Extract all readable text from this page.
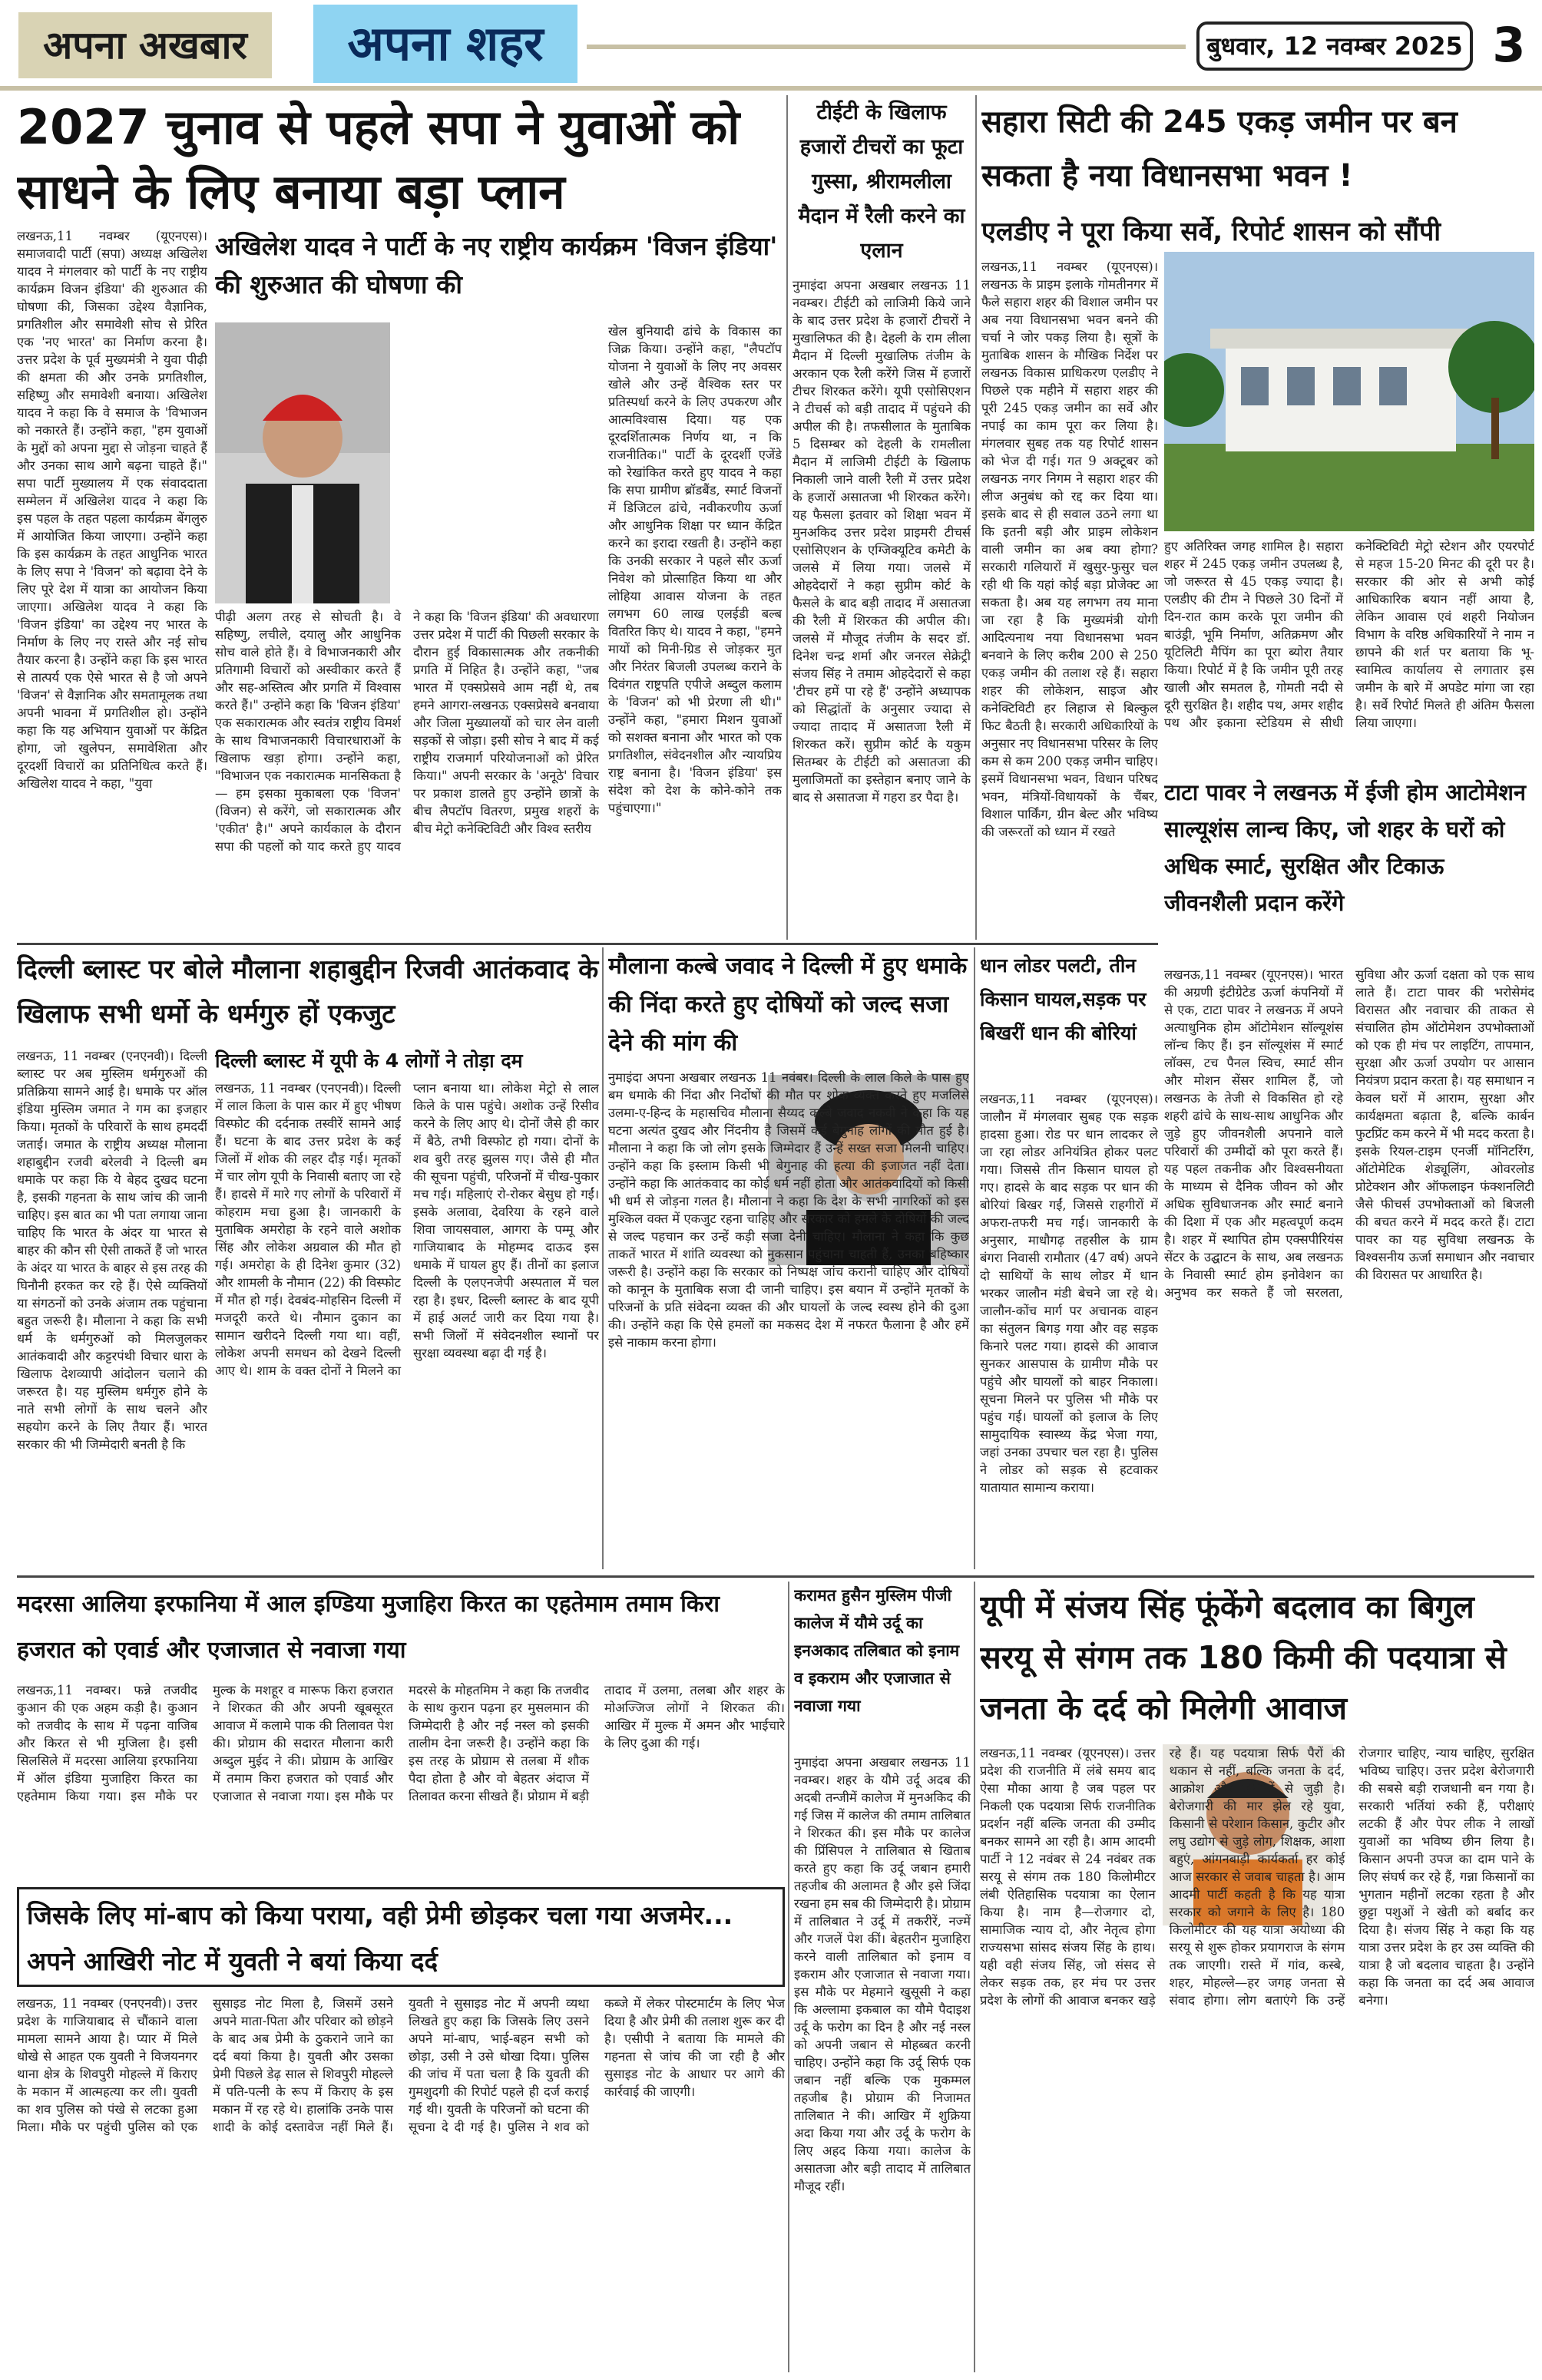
अपना अखबार	अपना शहर	बुधवार, 12 नवम्बर 2025 3
2027 चुनाव से पहले सपा ने युवाओं को साधने के लिए बनाया बड़ा प्लान
लखनऊ,11 नवम्बर (यूएनएस)। समाजवादी पार्टी (सपा) अध्यक्ष अखिलेश यादव ने मंगलवार को पार्टी के नए राष्ट्रीय कार्यक्रम विजन इंडिया' की शुरुआत की घोषणा की, जिसका उद्देश्य वैज्ञानिक, प्रगतिशील और समावेशी सोच से प्रेरित एक 'नए भारत' का निर्माण करना है। उत्तर प्रदेश के पूर्व मुख्यमंत्री ने युवा पीढ़ी की क्षमता की और उनके प्रगतिशील, सहिष्णु और समावेशी बनाया। अखिलेश यादव ने कहा कि वे समाज के 'विभाजन को नकारते हैं। उन्होंने कहा, "हम युवाओं के मुद्दों को अपना मुद्दा से जोड़ना चाहते हैं और उनका साथ आगे बढ़ना चाहते हैं।" सपा पार्टी मुख्यालय में एक संवाददाता सम्मेलन में अखिलेश यादव ने कहा कि इस पहल के तहत पहला कार्यक्रम बेंगलुरु में आयोजित किया जाएगा। उन्होंने कहा कि इस कार्यक्रम के तहत आधुनिक भारत के लिए सपा ने 'विजन' को बढ़ावा देने के लिए पूरे देश में यात्रा का आयोजन किया जाएगा। अखिलेश यादव ने कहा कि 'विजन इंडिया' का उद्देश्य नए भारत के निर्माण के लिए नए रास्ते और नई सोच तैयार करना है। उन्होंने कहा कि इस भारत से तात्पर्य एक ऐसे भारत से है जो अपने 'विजन' से वैज्ञानिक और समतामूलक तथा अपनी भावना में प्रगतिशील हो। उन्होंने कहा कि यह अभियान युवाओं पर केंद्रित होगा, जो खुलेपन, समावेशिता और दूरदर्शी विचारों का प्रतिनिधित्व करते हैं। अखिलेश यादव ने कहा, "युवा
अखिलेश यादव ने पार्टी के नए राष्ट्रीय कार्यक्रम 'विजन इंडिया' की शुरुआत की घोषणा की
पीढ़ी अलग तरह से सोचती है। वे सहिष्णु, लचीले, दयालु और आधुनिक सोच वाले होते हैं। वे विभाजनकारी और प्रतिगामी विचारों को अस्वीकार करते हैं और सह-अस्तित्व और प्रगति में विश्वास करते हैं।" उन्होंने कहा कि 'विजन इंडिया' एक सकारात्मक और स्वतंत्र राष्ट्रीय विमर्श के साथ विभाजनकारी विचारधाराओं के खिलाफ खड़ा होगा। उन्होंने कहा, "विभाजन एक नकारात्मक मानसिकता है — हम इसका मुकाबला एक 'विजन' (विजन) से करेंगे, जो सकारात्मक और 'एकीत' है।" अपने कार्यकाल के दौरान सपा की पहलों को याद करते हुए यादव ने कहा कि 'विजन इंडिया' की अवधारणा उत्तर प्रदेश में पार्टी की पिछली सरकार के दौरान हुई विकासात्मक और तकनीकी प्रगति में निहित है। उन्होंने कहा, "जब भारत में एक्सप्रेसवे आम नहीं थे, तब हमने आगरा-लखनऊ एक्सप्रेसवे बनवाया और जिला मुख्यालयों को चार लेन वाली सड़कों से जोड़ा। इसी सोच ने बाद में कई राष्ट्रीय राजमार्ग परियोजनाओं को प्रेरित किया।" अपनी सरकार के 'अनूठे' विचार पर प्रकाश डालते हुए उन्होंने छात्रों के बीच लैपटॉप वितरण, प्रमुख शहरों के बीच मेट्रो कनेक्टिविटी और विश्व स्तरीय
खेल बुनियादी ढांचे के विकास का जिक्र किया। उन्होंने कहा, "लैपटॉप योजना ने युवाओं के लिए नए अवसर खोले और उन्हें वैश्विक स्तर पर प्रतिस्पर्धा करने के लिए उपकरण और आत्मविश्वास दिया। यह एक दूरदर्शितात्मक निर्णय था, न कि राजनीतिक।" पार्टी के दूरदर्शी एजेंडे को रेखांकित करते हुए यादव ने कहा कि सपा ग्रामीण ब्रॉडबैंड, स्मार्ट विजनों में डिजिटल ढांचे, नवीकरणीय ऊर्जा और आधुनिक शिक्षा पर ध्यान केंद्रित करने का इरादा रखती है। उन्होंने कहा कि उनकी सरकार ने पहले सौर ऊर्जा निवेश को प्रोत्साहित किया था और लोहिया आवास योजना के तहत लगभग 60 लाख एलईडी बल्ब वितरित किए थे। यादव ने कहा, "हमने मायों को मिनी-ग्रिड से जोड़कर मुत और निरंतर बिजली उपलब्ध कराने के दिवंगत राष्ट्रपति एपीजे अब्दुल कलाम के 'विजन' को भी प्रेरणा ली थी।" उन्होंने कहा, "हमारा मिशन युवाओं को सशक्त बनाना और भारत को एक प्रगतिशील, संवेदनशील और न्यायप्रिय राष्ट्र बनाना है। 'विजन इंडिया' इस संदेश को देश के कोने-कोने तक पहुंचाएगा।"
टीईटी के खिलाफ हजारों टीचरों का फूटा गुस्सा, श्रीरामलीला मैदान में रैली करने का एलान
नुमाइंदा अपना अखबार लखनऊ 11 नवम्बर। टीईटी को लाजिमी किये जाने के बाद उत्तर प्रदेश के हजारों टीचरों ने मुखालिफत की है। देहली के राम लीला मैदान में दिल्ली मुखालिफ तंजीम के अरकान एक रैली करेंगे जिस में हजारों टीचर शिरकत करेंगे। यूपी एसोसिएशन ने टीचर्स को बड़ी तादाद में पहुंचने की अपील की है। तफसीलात के मुताबिक 5 दिसम्बर को देहली के रामलीला मैदान में लाजिमी टीईटी के खिलाफ निकाली जाने वाली रैली में उत्तर प्रदेश के हजारों असातजा भी शिरकत करेंगे। यह फैसला इतवार को शिक्षा भवन में मुनअकिद उत्तर प्रदेश प्राइमरी टीचर्स एसोसिएशन के एग्जिक्यूटिव कमेटी के जलसे में लिया गया। जलसे में ओहदेदारों ने कहा सुप्रीम कोर्ट के फैसले के बाद बड़ी तादाद में असातजा की रैली में शिरकत की अपील की। जलसे में मौजूद तंजीम के सदर डॉ. दिनेश चन्द्र शर्मा और जनरल सेक्रेट्री संजय सिंह ने तमाम ओहदेदारों से कहा 'टीचर हमें पा रहे हैं' उन्होंने अध्यापक को सिद्धांतों के अनुसार ज्यादा से ज्यादा तादाद में असातजा रैली में शिरकत करें। सुप्रीम कोर्ट के यकुम सितम्बर के टीईटी को असातजा की मुलाजिमतों का इस्तेहान बनाए जाने के बाद से असातजा में गहरा डर पैदा है।
सहारा सिटी की 245 एकड़ जमीन पर बन सकता है नया विधानसभा भवन !
एलडीए ने पूरा किया सर्वे, रिपोर्ट शासन को सौंपी
लखनऊ,11 नवम्बर (यूएनएस)। लखनऊ के प्राइम इलाके गोमतीनगर में फैले सहारा शहर की विशाल जमीन पर अब नया विधानसभा भवन बनने की चर्चा ने जोर पकड़ लिया है। सूत्रों के मुताबिक शासन के मौखिक निर्देश पर लखनऊ विकास प्राधिकरण एलडीए ने पिछले एक महीने में सहारा शहर की पूरी 245 एकड़ जमीन का सर्वे और नपाई का काम पूरा कर लिया है। मंगलवार सुबह तक यह रिपोर्ट शासन को भेज दी गई। गत 9 अक्टूबर को लखनऊ नगर निगम ने सहारा शहर की लीज अनुबंध को रद्द कर दिया था। इसके बाद से ही सवाल उठने लगा था कि इतनी बड़ी और प्राइम लोकेशन वाली जमीन का अब क्या होगा? सरकारी गलियारों में खुसुर-फुसुर चल रही थी कि यहां कोई बड़ा प्रोजेक्ट आ सकता है। अब यह लगभग तय माना जा रहा है कि मुख्यमंत्री योगी आदित्यनाथ नया विधानसभा भवन बनवाने के लिए करीब 200 से 250 एकड़ जमीन की तलाश रहे हैं। सहारा शहर की लोकेशन, साइज और कनेक्टिविटी हर लिहाज से बिल्कुल फिट बैठती है। सरकारी अधिकारियों के अनुसार नए विधानसभा परिसर के लिए कम से कम 200 एकड़ जमीन चाहिए। इसमें विधानसभा भवन, विधान परिषद भवन, मंत्रियों-विधायकों के चैंबर, विशाल पार्किंग, ग्रीन बेल्ट और भविष्य की जरूरतों को ध्यान में रखते
हुए अतिरिक्त जगह शामिल है। सहारा शहर में 245 एकड़ जमीन उपलब्ध है, जो जरूरत से 45 एकड़ ज्यादा है। एलडीए की टीम ने पिछले 30 दिनों में दिन-रात काम करके पूरा जमीन की बाउंड्री, भूमि निर्माण, अतिक्रमण और यूटिलिटी मैपिंग का पूरा ब्योरा तैयार किया। रिपोर्ट में है कि जमीन पूरी तरह खाली और समतल है, गोमती नदी से दूरी सुरक्षित है। शहीद पथ, अमर शहीद पथ और इकाना स्टेडियम से सीधी कनेक्टिविटी मेट्रो स्टेशन और एयरपोर्ट से महज 15-20 मिनट की दूरी पर है। सरकार की ओर से अभी कोई आधिकारिक बयान नहीं आया है, लेकिन आवास एवं शहरी नियोजन विभाग के वरिष्ठ अधिकारियों ने नाम न छापने की शर्त पर बताया कि भू-स्वामित्व कार्यालय से लगातार इस जमीन के बारे में अपडेट मांगा जा रहा है। सर्वे रिपोर्ट मिलते ही अंतिम फैसला लिया जाएगा।
टाटा पावर ने लखनऊ में ईजी होम आटोमेशन साल्यूशंस लान्च किए, जो शहर के घरों को अधिक स्मार्ट, सुरक्षित और टिकाऊ जीवनशैली प्रदान करेंगे
लखनऊ,11 नवम्बर (यूएनएस)। भारत की अग्रणी इंटीग्रेटेड ऊर्जा कंपनियों में से एक, टाटा पावर ने लखनऊ में अपने अत्याधुनिक होम ऑटोमेशन सॉल्यूशंस लॉन्च किए हैं। इन सॉल्यूशंस में स्मार्ट लॉक्स, टच पैनल स्विच, स्मार्ट सीन और मोशन सेंसर शामिल हैं, जो लखनऊ के तेजी से विकसित हो रहे शहरी ढांचे के साथ-साथ आधुनिक और जुड़े हुए जीवनशैली अपनाने वाले परिवारों की उम्मीदों को पूरा करते हैं। यह पहल तकनीक और विश्वसनीयता के माध्यम से दैनिक जीवन को और अधिक सुविधाजनक और स्मार्ट बनाने की दिशा में एक और महत्वपूर्ण कदम है। शहर में स्थापित होम एक्सपीरियंस सेंटर के उद्घाटन के साथ, अब लखनऊ के निवासी स्मार्ट होम इनोवेशन का अनुभव कर सकते हैं जो सरलता, सुविधा और ऊर्जा दक्षता को एक साथ लाते हैं। टाटा पावर की भरोसेमंद विरासत और नवाचार की ताकत से संचालित होम ऑटोमेशन उपभोक्ताओं को एक ही मंच पर लाइटिंग, तापमान, सुरक्षा और ऊर्जा उपयोग पर आसान नियंत्रण प्रदान करता है। यह समाधान न केवल घरों में आराम, सुरक्षा और कार्यक्षमता बढ़ाता है, बल्कि कार्बन फुटप्रिंट कम करने में भी मदद करता है। इसके रियल-टाइम एनर्जी मॉनिटरिंग, ऑटोमेटिक शेड्यूलिंग, ओवरलोड प्रोटेक्शन और ऑफलाइन फंक्शनलिटी जैसे फीचर्स उपभोक्ताओं को बिजली की बचत करने में मदद करते हैं। टाटा पावर का यह सुविधा लखनऊ के विश्वसनीय ऊर्जा समाधान और नवाचार की विरासत पर आधारित है।
दिल्ली ब्लास्ट पर बोले मौलाना शहाबुद्दीन रिजवी आतंकवाद के खिलाफ सभी धर्मो के धर्मगुरु हों एकजुट
लखनऊ, 11 नवम्बर (एनएनवी)। दिल्ली ब्लास्ट पर अब मुस्लिम धर्मगुरुओं की प्रतिक्रिया सामने आई है। धमाके पर ऑल इंडिया मुस्लिम जमात ने गम का इजहार किया। मृतकों के परिवारों के साथ हमदर्दी जताई। जमात के राष्ट्रीय अध्यक्ष मौलाना शहाबुद्दीन रजवी बरेलवी ने दिल्ली बम धमाके पर कहा कि ये बेहद दुखद घटना है, इसकी गहनता के साथ जांच की जानी चाहिए। इस बात का भी पता लगाया जाना चाहिए कि भारत के अंदर या भारत से बाहर की कौन सी ऐसी ताकतें हैं जो भारत के अंदर या भारत के बाहर से इस तरह की घिनौनी हरकत कर रहे हैं। ऐसे व्यक्तियों या संगठनों को उनके अंजाम तक पहुंचाना बहुत जरूरी है। मौलाना ने कहा कि सभी धर्म के धर्मगुरुओं को मिलजुलकर आतंकवादी और कट्टरपंथी विचार धारा के खिलाफ देशव्यापी आंदोलन चलाने की जरूरत है। यह मुस्लिम धर्मगुरु होने के नाते सभी लोगों के साथ चलने और सहयोग करने के लिए तैयार हैं। भारत सरकार की भी जिम्मेदारी बनती है कि
दिल्ली ब्लास्ट में यूपी के 4 लोगों ने तोड़ा दम
लखनऊ, 11 नवम्बर (एनएनवी)। दिल्ली में लाल किला के पास कार में हुए भीषण विस्फोट की दर्दनाक तस्वीरें सामने आई हैं। घटना के बाद उत्तर प्रदेश के कई जिलों में शोक की लहर दौड़ गई। मृतकों में चार लोग यूपी के निवासी बताए जा रहे हैं। हादसे में मारे गए लोगों के परिवारों में कोहराम मचा हुआ है। जानकारी के मुताबिक अमरोहा के रहने वाले अशोक सिंह और लोकेश अग्रवाल की मौत हो गई। अमरोहा के ही दिनेश कुमार (32) और शामली के नौमान (22) की विस्फोट में मौत हो गई। देवबंद-मोहसिन दिल्ली में मजदूरी करते थे। नौमान दुकान का सामान खरीदने दिल्ली गया था। वहीं, लोकेश अपनी समधन को देखने दिल्ली आए थे। शाम के वक्त दोनों ने मिलने का प्लान बनाया था। लोकेश मेट्रो से लाल किले के पास पहुंचे। अशोक उन्हें रिसीव करने के लिए आए थे। दोनों जैसे ही कार में बैठे, तभी विस्फोट हो गया। दोनों के शव बुरी तरह झुलस गए। जैसे ही मौत की सूचना पहुंची, परिजनों में चीख-पुकार मच गई। महिलाएं रो-रोकर बेसुध हो गईं। इसके अलावा, देवरिया के रहने वाले शिवा जायसवाल, आगरा के पम्मू और गाजियाबाद के मोहम्मद दाऊद इस धमाके में घायल हुए हैं। तीनों का इलाज दिल्ली के एलएनजेपी अस्पताल में चल रहा है। इधर, दिल्ली ब्लास्ट के बाद यूपी में हाई अलर्ट जारी कर दिया गया है। सभी जिलों में संवेदनशील स्थानों पर सुरक्षा व्यवस्था बढ़ा दी गई है।
मौलाना कल्बे जवाद ने दिल्ली में हुए धमाके की निंदा करते हुए दोषियों को जल्द सजा देने की मांग की
नुमाइंदा अपना अखबार लखनऊ 11 नवंबर। दिल्ली के लाल किले के पास हुए बम धमाके की निंदा और निर्दोषों की मौत पर शोक व्यक्त करते हुए मजलिसे उलमा-ए-हिन्द के महासचिव मौलाना सैय्यद कल्बे जवाद नकवी ने कहा कि यह घटना अत्यंत दुखद और निंदनीय है जिसमें कई बेगुनाह लोगों की मौत हुई है। मौलाना ने कहा कि जो लोग इसके जिम्मेदार हैं उन्हें सख्त सजा मिलनी चाहिए। उन्होंने कहा कि इस्लाम किसी भी बेगुनाह की हत्या की इजाजत नहीं देता। उन्होंने कहा कि आतंकवाद का कोई धर्म नहीं होता और आतंकवादियों को किसी भी धर्म से जोड़ना गलत है। मौलाना ने कहा कि देश के सभी नागरिकों को इस मुश्किल वक्त में एकजुट रहना चाहिए और सरकार को हमले के दोषियों की जल्द से जल्द पहचान कर उन्हें कड़ी सजा देनी चाहिए। मौलाना ने कहा कि कुछ ताकतें भारत में शांति व्यवस्था को नुकसान पहुंचाना चाहती हैं, उनका बहिष्कार जरूरी है। उन्होंने कहा कि सरकार को निष्पक्ष जांच करानी चाहिए और दोषियों को कानून के मुताबिक सजा दी जानी चाहिए। इस बयान में उन्होंने मृतकों के परिजनों के प्रति संवेदना व्यक्त की और घायलों के जल्द स्वस्थ होने की दुआ की। उन्होंने कहा कि ऐसे हमलों का मकसद देश में नफरत फैलाना है और हमें इसे नाकाम करना होगा।
धान लोडर पलटी, तीन किसान घायल,सड़क पर बिखरीं धान की बोरियां
लखनऊ,11 नवम्बर (यूएनएस)। जालौन में मंगलवार सुबह एक सड़क हादसा हुआ। रोड पर धान लादकर ले जा रहा लोडर अनियंत्रित होकर पलट गया। जिससे तीन किसान घायल हो गए। हादसे के बाद सड़क पर धान की बोरियां बिखर गईं, जिससे राहगीरों में अफरा-तफरी मच गई। जानकारी के अनुसार, माधौगढ़ तहसील के ग्राम बंगरा निवासी रामौतार (47 वर्ष) अपने दो साथियों के साथ लोडर में धान भरकर जालौन मंडी बेचने जा रहे थे। जालौन-कोंच मार्ग पर अचानक वाहन का संतुलन बिगड़ गया और वह सड़क किनारे पलट गया। हादसे की आवाज सुनकर आसपास के ग्रामीण मौके पर पहुंचे और घायलों को बाहर निकाला। सूचना मिलने पर पुलिस भी मौके पर पहुंच गई। घायलों को इलाज के लिए सामुदायिक स्वास्थ्य केंद्र भेजा गया, जहां उनका उपचार चल रहा है। पुलिस ने लोडर को सड़क से हटवाकर यातायात सामान्य कराया।
मदरसा आलिया इरफानिया में आल इण्डिया मुजाहिरा किरत का एहतेमाम तमाम किरा हजरात को एवार्ड और एजाजात से नवाजा गया
लखनऊ,11 नवम्बर। फन्ने तजवीद कुआन की एक अहम कड़ी है। कुआन को तजवीद के साथ में पढ़ना वाजिब और किरत से भी मुजिला है। इसी सिलसिले में मदरसा आलिया इरफानिया में ऑल इंडिया मुजाहिरा किरत का एहतेमाम किया गया। इस मौके पर मुल्क के मशहूर व मारूफ किरा हजरात ने शिरकत की और अपनी खूबसूरत आवाज में कलामे पाक की तिलावत पेश की। प्रोग्राम की सदारत मौलाना कारी अब्दुल मुईद ने की। प्रोग्राम के आखिर में तमाम किरा हजरात को एवार्ड और एजाजात से नवाजा गया। इस मौके पर मदरसे के मोहतमिम ने कहा कि तजवीद के साथ कुरान पढ़ना हर मुसलमान की जिम्मेदारी है और नई नस्ल को इसकी तालीम देना जरूरी है। उन्होंने कहा कि इस तरह के प्रोग्राम से तलबा में शौक पैदा होता है और वो बेहतर अंदाज में तिलावत करना सीखते हैं। प्रोग्राम में बड़ी तादाद में उलमा, तलबा और शहर के मोअज्जिज लोगों ने शिरकत की। आखिर में मुल्क में अमन और भाईचारे के लिए दुआ की गई।
करामत हुसैन मुस्लिम पीजी कालेज में यौमे उर्दू का इनअकाद तलिबात को इनाम व इकराम और एजाजात से नवाजा गया
नुमाइंदा अपना अखबार लखनऊ 11 नवम्बर। शहर के यौमे उर्दू अदब की अदबी तन्जीमें कालेज में मुनअकिद की गई जिस में कालेज की तमाम तालिबात ने शिरकत की। इस मौके पर कालेज की प्रिंसिपल ने तालिबात से खिताब करते हुए कहा कि उर्दू जबान हमारी तहजीब की अलामत है और इसे जिंदा रखना हम सब की जिम्मेदारी है। प्रोग्राम में तालिबात ने उर्दू में तकरीरें, नज्में और गजलें पेश कीं। बेहतरीन मुजाहिरा करने वाली तालिबात को इनाम व इकराम और एजाजात से नवाजा गया। इस मौके पर मेहमाने खुसूसी ने कहा कि अल्लामा इकबाल का यौमे पैदाइश उर्दू के फरोग का दिन है और नई नस्ल को अपनी जबान से मोहब्बत करनी चाहिए। उन्होंने कहा कि उर्दू सिर्फ एक जबान नहीं बल्कि एक मुकम्मल तहजीब है। प्रोग्राम की निजामत तालिबात ने की। आखिर में शुक्रिया अदा किया गया और उर्दू के फरोग के लिए अहद किया गया। कालेज के असातजा और बड़ी तादाद में तालिबात मौजूद रहीं।
यूपी में संजय सिंह फूंकेंगे बदलाव का बिगुल सरयू से संगम तक 180 किमी की पदयात्रा से जनता के दर्द को मिलेगी आवाज
लखनऊ,11 नवम्बर (यूएनएस)। उत्तर प्रदेश की राजनीति में लंबे समय बाद ऐसा मौका आया है जब पहल पर निकली एक पदयात्रा सिर्फ राजनीतिक प्रदर्शन नहीं बल्कि जनता की उम्मीद बनकर सामने आ रही है। आम आदमी पार्टी ने 12 नवंबर से 24 नवंबर तक सरयू से संगम तक 180 किलोमीटर लंबी ऐतिहासिक पदयात्रा का ऐलान किया है। नाम है—रोजगार दो, सामाजिक न्याय दो, और नेतृत्व होगा राज्यसभा सांसद संजय सिंह के हाथ। यही वही संजय सिंह, जो संसद से लेकर सड़क तक, हर मंच पर उत्तर प्रदेश के लोगों की आवाज बनकर खड़े रहे हैं। यह पदयात्रा सिर्फ पैरों की थकान से नहीं, बल्कि जनता के दर्द, आक्रोश और उम्मीदों से जुड़ी है। बेरोजगारी की मार झेल रहे युवा, किसानी से परेशान किसान, कुटीर और लघु उद्योग से जुड़े लोग, शिक्षक, आशा बहुएं, आंगनबाड़ी कार्यकर्ता हर कोई आज सरकार से जवाब चाहता है। आम आदमी पार्टी कहती है कि यह यात्रा सरकार को जगाने के लिए है। 180 किलोमीटर की यह यात्रा अयोध्या की सरयू से शुरू होकर प्रयागराज के संगम तक जाएगी। रास्ते में गांव, कस्बे, शहर, मोहल्ले—हर जगह जनता से संवाद होगा। लोग बताएंगे कि उन्हें रोजगार चाहिए, न्याय चाहिए, सुरक्षित भविष्य चाहिए। उत्तर प्रदेश बेरोजगारी की सबसे बड़ी राजधानी बन गया है। सरकारी भर्तियां रुकी हैं, परीक्षाएं लटकी हैं और पेपर लीक ने लाखों युवाओं का भविष्य छीन लिया है। किसान अपनी उपज का दाम पाने के लिए संघर्ष कर रहे हैं, गन्ना किसानों का भुगतान महीनों लटका रहता है और छुट्टा पशुओं ने खेती को बर्बाद कर दिया है। संजय सिंह ने कहा कि यह यात्रा उत्तर प्रदेश के हर उस व्यक्ति की यात्रा है जो बदलाव चाहता है। उन्होंने कहा कि जनता का दर्द अब आवाज बनेगा।
जिसके लिए मां-बाप को किया पराया, वही प्रेमी छोड़कर चला गया अजमेर... अपने आखिरी नोट में युवती ने बयां किया दर्द
लखनऊ, 11 नवम्बर (एनएनवी)। उत्तर प्रदेश के गाजियाबाद से चौंकाने वाला मामला सामने आया है। प्यार में मिले धोखे से आहत एक युवती ने विजयनगर थाना क्षेत्र के शिवपुरी मोहल्ले में किराए के मकान में आत्महत्या कर ली। युवती का शव पुलिस को पंखे से लटका हुआ मिला। मौके पर पहुंची पुलिस को एक सुसाइड नोट मिला है, जिसमें उसने अपने माता-पिता और परिवार को छोड़ने के बाद अब प्रेमी के ठुकराने जाने का दर्द बयां किया है। युवती और उसका प्रेमी पिछले डेढ़ साल से शिवपुरी मोहल्ले में पति-पत्नी के रूप में किराए के इस मकान में रह रहे थे। हालांकि उनके पास शादी के कोई दस्तावेज नहीं मिले हैं। युवती ने सुसाइड नोट में अपनी व्यथा लिखते हुए कहा कि जिसके लिए उसने अपने मां-बाप, भाई-बहन सभी को छोड़ा, उसी ने उसे धोखा दिया। पुलिस की जांच में पता चला है कि युवती की गुमशुदगी की रिपोर्ट पहले ही दर्ज कराई गई थी। युवती के परिजनों को घटना की सूचना दे दी गई है। पुलिस ने शव को कब्जे में लेकर पोस्टमार्टम के लिए भेज दिया है और प्रेमी की तलाश शुरू कर दी है। एसीपी ने बताया कि मामले की गहनता से जांच की जा रही है और सुसाइड नोट के आधार पर आगे की कार्रवाई की जाएगी।
